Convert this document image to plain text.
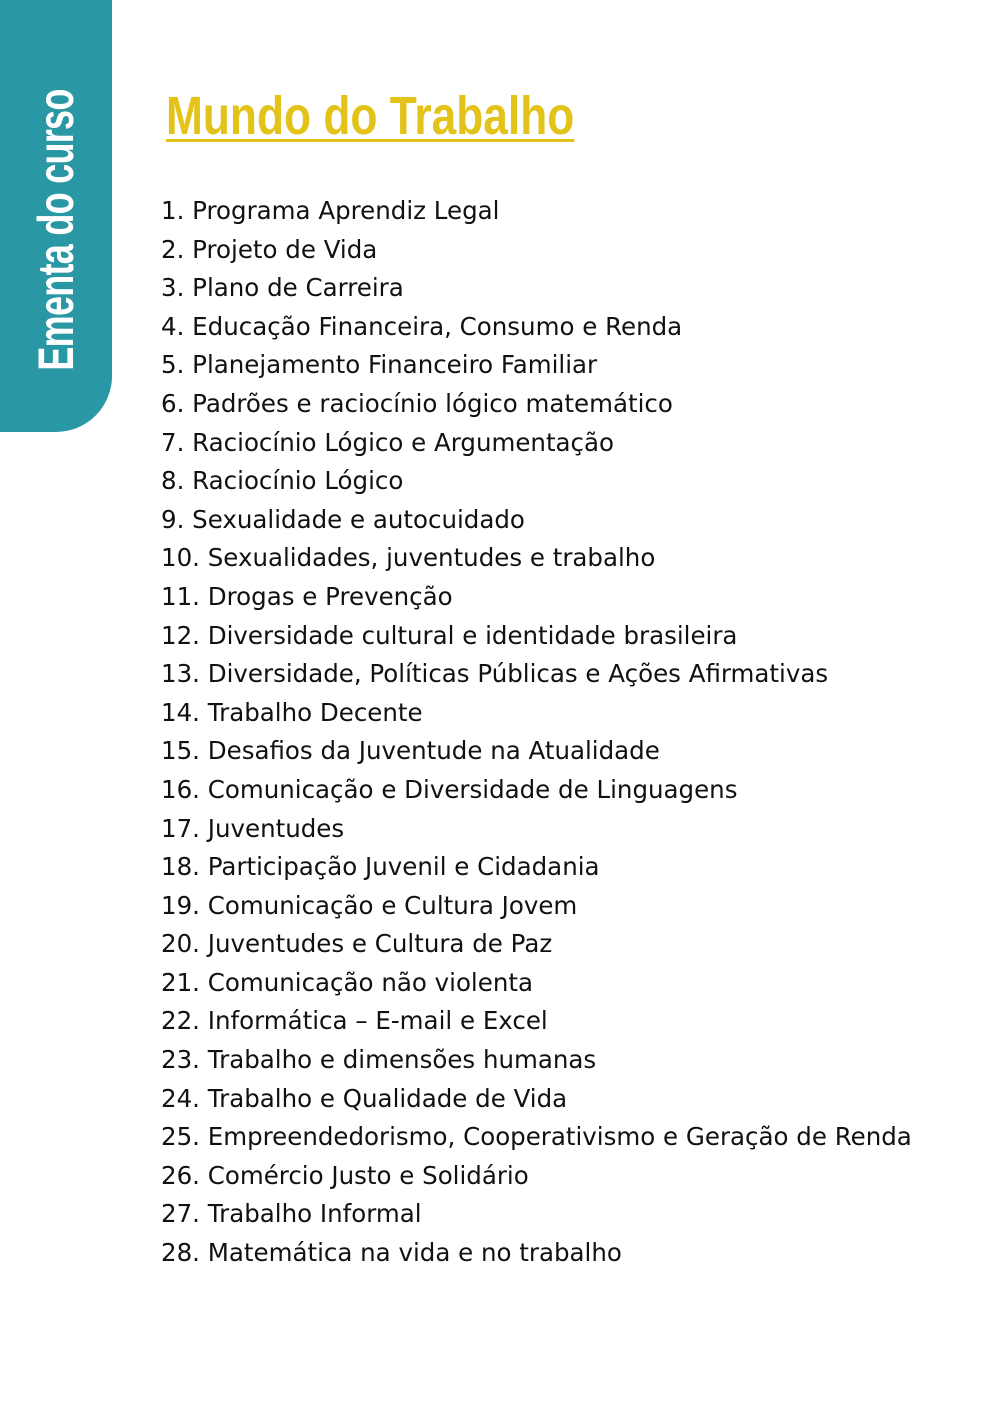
Ementa do curso Mundo do Trabalho
1. Programa Aprendiz Legal
2. Projeto de Vida
3. Plano de Carreira
4. Educação Financeira, Consumo e Renda
5. Planejamento Financeiro Familiar
6. Padrões e raciocínio lógico matemático
7. Raciocínio Lógico e Argumentação
8. Raciocínio Lógico
9. Sexualidade e autocuidado
10. Sexualidades, juventudes e trabalho
11. Drogas e Prevenção
12. Diversidade cultural e identidade brasileira
13. Diversidade, Políticas Públicas e Ações Afirmativas
14. Trabalho Decente
15. Desafios da Juventude na Atualidade
16. Comunicação e Diversidade de Linguagens
17. Juventudes
18. Participação Juvenil e Cidadania
19. Comunicação e Cultura Jovem
20. Juventudes e Cultura de Paz
21. Comunicação não violenta
22. Informática – E-mail e Excel
23. Trabalho e dimensões humanas
24. Trabalho e Qualidade de Vida
25. Empreendedorismo, Cooperativismo e Geração de Renda
26. Comércio Justo e Solidário
27. Trabalho Informal
28. Matemática na vida e no trabalho
